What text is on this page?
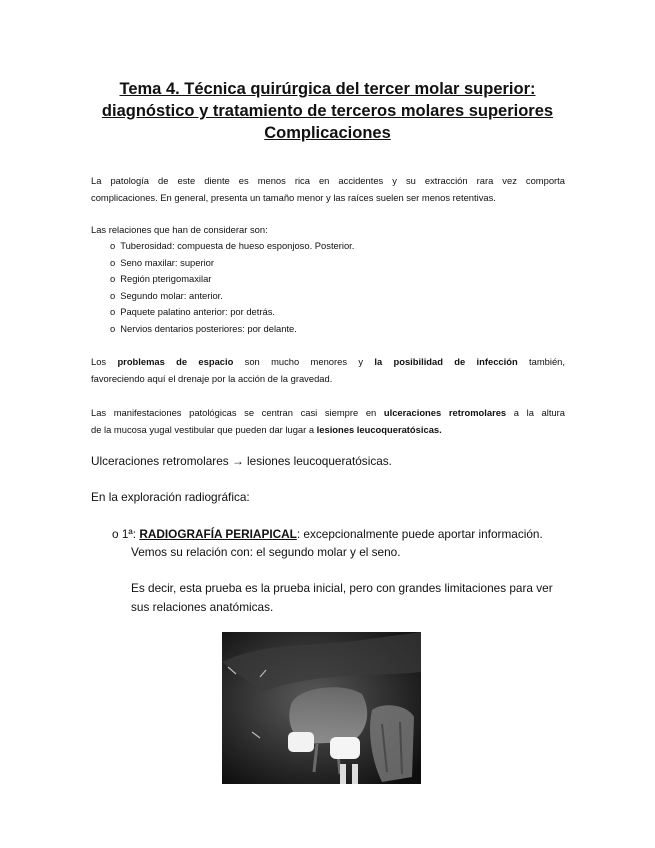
Tema 4. Técnica quirúrgica del tercer molar superior:
diagnóstico y tratamiento de terceros molares superiores
Complicaciones
La patología de este diente es menos rica en accidentes y su extracción rara vez comporta
complicaciones. En general, presenta un tamaño menor y las raíces suelen ser menos retentivas.
Las relaciones que han de considerar son:
o Tuberosidad: compuesta de hueso esponjoso. Posterior.
o Seno maxilar: superior
o Región pterigomaxilar
o Segundo molar: anterior.
o Paquete palatino anterior: por detrás.
o Nervios dentarios posteriores: por delante.
Los problemas de espacio son mucho menores y la posibilidad de infección también,
favoreciendo aquí el drenaje por la acción de la gravedad.
Las manifestaciones patológicas se centran casi siempre en ulceraciones retromolares a la altura
de la mucosa yugal vestibular que pueden dar lugar a lesiones leucoqueratósicas.
Ulceraciones retromolares → lesiones leucoqueratósicas.
En la exploración radiográfica:
o 1ª: RADIOGRAFÍA PERIAPICAL: excepcionalmente puede aportar información.
Vemos su relación con: el segundo molar y el seno.
Es decir, esta prueba es la prueba inicial, pero con grandes limitaciones para ver
sus relaciones anatómicas.
